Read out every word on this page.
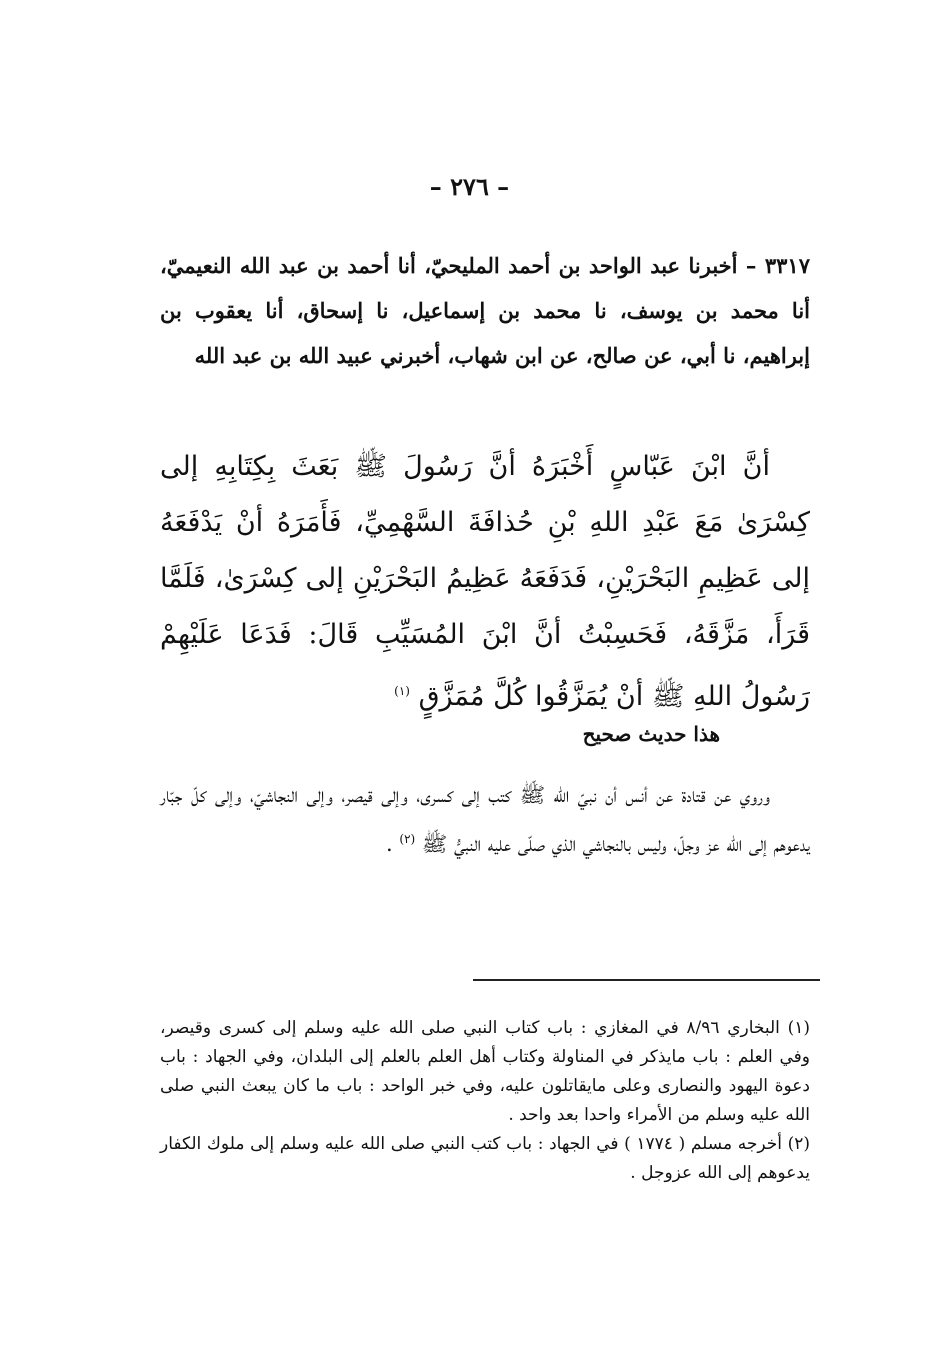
– ٢٧٦ –

٣٣١٧ – أخبرنا عبد الواحد بن أحمد المليحيّ، أنا أحمد بن عبد الله النعيميّ، أنا محمد بن يوسف، نا محمد بن إسماعيل، نا إسحاق، أنا يعقوب بن إبراهيم، نا أبي، عن صالح، عن ابن شهاب، أخبرني عبيد الله بن عبد الله

أنَّ ابْنَ عَبّاسٍ أَخْبَرَهُ أنَّ رَسُولَ ﷺ بَعَثَ بِكِتَابِهِ إلى كِسْرَىٰ مَعَ عَبْدِ اللهِ بْنِ حُذافَةَ السَّهْمِيِّ، فَأَمَرَهُ أنْ يَدْفَعَهُ إلى عَظِيمِ البَحْرَيْنِ، فَدَفَعَهُ عَظِيمُ البَحْرَيْنِ إلى كِسْرَىٰ، فَلَمَّا قَرَأَ، مَزَّقَهُ، فَحَسِبْتُ أنَّ ابْنَ المُسَيِّبِ قَالَ: فَدَعَا عَلَيْهِمْ رَسُولُ اللهِ ﷺ أنْ يُمَزَّقُوا كُلَّ مُمَزَّقٍ $^{(١)}$

هذا حديث صحيح

وروي عن قتادة عن أنس أن نبيّ الله ﷺ كتب إلى كسرى، وإلى قيصر، وإلى النجاشيّ، وإلى كلّ جبّار يدعوهم إلى الله عز وجلّ، وليس بالنجاشي الذي صلّى عليه النبيُّ ﷺ $^{(٢)}$ .

(١) البخاري ٨/٩٦ في المغازي : باب كتاب النبي صلى الله عليه وسلم إلى كسرى وقيصر، وفي العلم : باب مايذكر في المناولة وكتاب أهل العلم بالعلم إلى البلدان، وفي الجهاد : باب دعوة اليهود والنصارى وعلى مايقاتلون عليه، وفي خبر الواحد : باب ما كان يبعث النبي صلى الله عليه وسلم من الأمراء واحدا بعد واحد .

(٢) أخرجه مسلم ( ١٧٧٤ ) في الجهاد : باب كتب النبي صلى الله عليه وسلم إلى ملوك الكفار يدعوهم إلى الله عزوجل .
